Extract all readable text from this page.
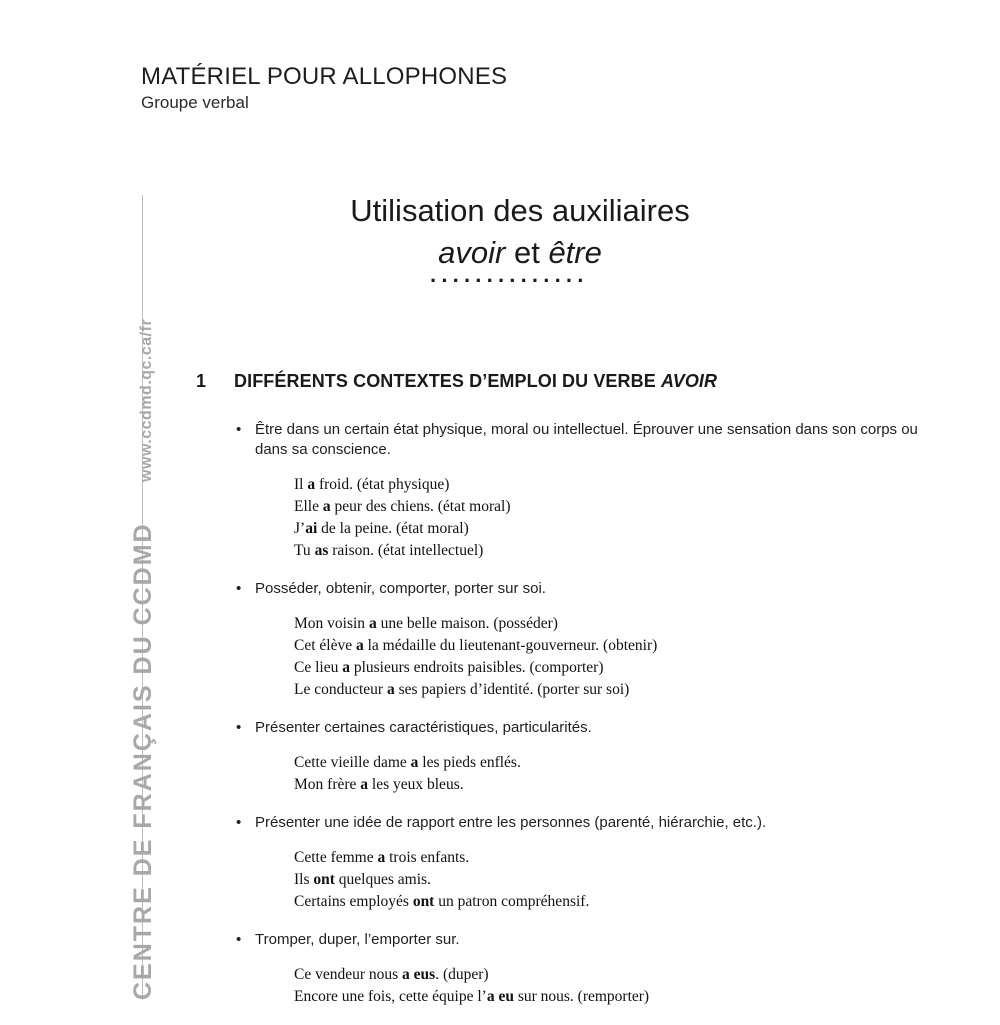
MATÉRIEL POUR ALLOPHONES
Groupe verbal
CENTRE DE FRANÇAIS DU CCDMD www.ccdmd.qc.ca/fr
Utilisation des auxiliaires
avoir et être
··············
1 DIFFÉRENTS CONTEXTES D’EMPLOI DU VERBE AVOIR
• Être dans un certain état physique, moral ou intellectuel. Éprouver une sensation dans son corps ou dans sa conscience.
Il a froid. (état physique)
Elle a peur des chiens. (état moral)
J’ai de la peine. (état moral)
Tu as raison. (état intellectuel)
• Posséder, obtenir, comporter, porter sur soi.
Mon voisin a une belle maison. (posséder)
Cet élève a la médaille du lieutenant-gouverneur. (obtenir)
Ce lieu a plusieurs endroits paisibles. (comporter)
Le conducteur a ses papiers d’identité. (porter sur soi)
• Présenter certaines caractéristiques, particularités.
Cette vieille dame a les pieds enflés.
Mon frère a les yeux bleus.
• Présenter une idée de rapport entre les personnes (parenté, hiérarchie, etc.).
Cette femme a trois enfants.
Ils ont quelques amis.
Certains employés ont un patron compréhensif.
• Tromper, duper, l’emporter sur.
Ce vendeur nous a eus. (duper)
Encore une fois, cette équipe l’a eu sur nous. (remporter)
